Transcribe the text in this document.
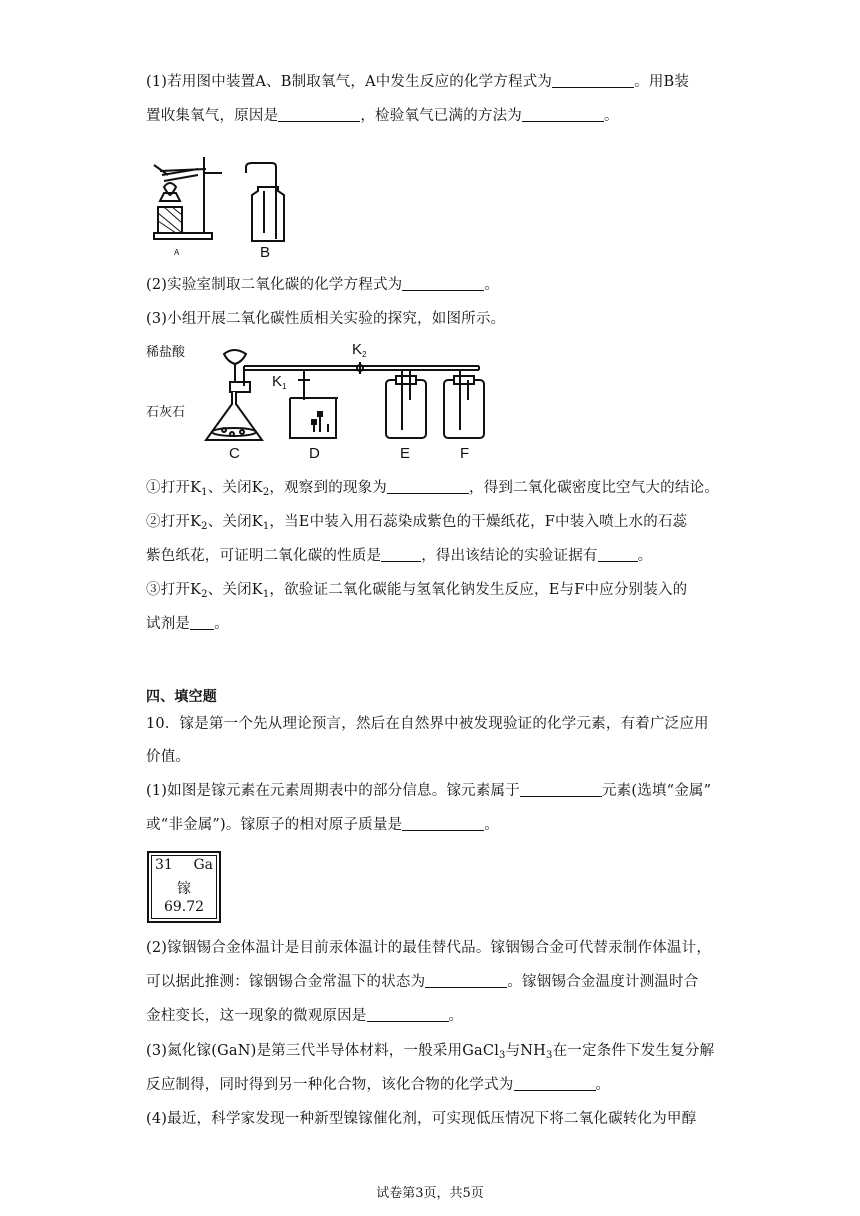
(1)若用图中装置A、B制取氧气，A中发生反应的化学方程式为	。用B装
置收集氧气，原因是	，检验氧气已满的方法为	。
A	B
(2)实验室制取二氧化碳的化学方程式为	。
(3)小组开展二氧化碳性质相关实验的探究，如图所示。
稀盐酸
石灰石
$K_1$
$K_2$
C	D	E	F
①打开$K_1$、关闭$K_2$，观察到的现象为	，得到二氧化碳密度比空气大的结论。
②打开$K_2$、关闭$K_1$，当E中装入用石蕊染成紫色的干燥纸花，F中装入喷上水的石蕊
紫色纸花，可证明二氧化碳的性质是	，得出该结论的实验证据有	。
③打开$K_2$、关闭$K_1$，欲验证二氧化碳能与氢氧化钠发生反应，E与F中应分别装入的
试剂是 。
四、填空题
10．镓是第一个先从理论预言，然后在自然界中被发现验证的化学元素，有着广泛应用
价值。
(1)如图是镓元素在元素周期表中的部分信息。镓元素属于	元素(选填“金属”
或“非金属”)。镓原子的相对原子质量是	。
31 Ga
镓
69.72
(2)镓铟锡合金体温计是目前汞体温计的最佳替代品。镓铟锡合金可代替汞制作体温计，
可以据此推测：镓铟锡合金常温下的状态为	。镓铟锡合金温度计测温时合
金柱变长，这一现象的微观原因是	。
(3)氮化镓(GaN)是第三代半导体材料，一般采用GaCl$_3$与$NH_3$在一定条件下发生复分解
反应制得，同时得到另一种化合物，该化合物的化学式为	。
(4)最近，科学家发现一种新型镍镓催化剂，可实现低压情况下将二氧化碳转化为甲醇
试卷第3页，共5页
